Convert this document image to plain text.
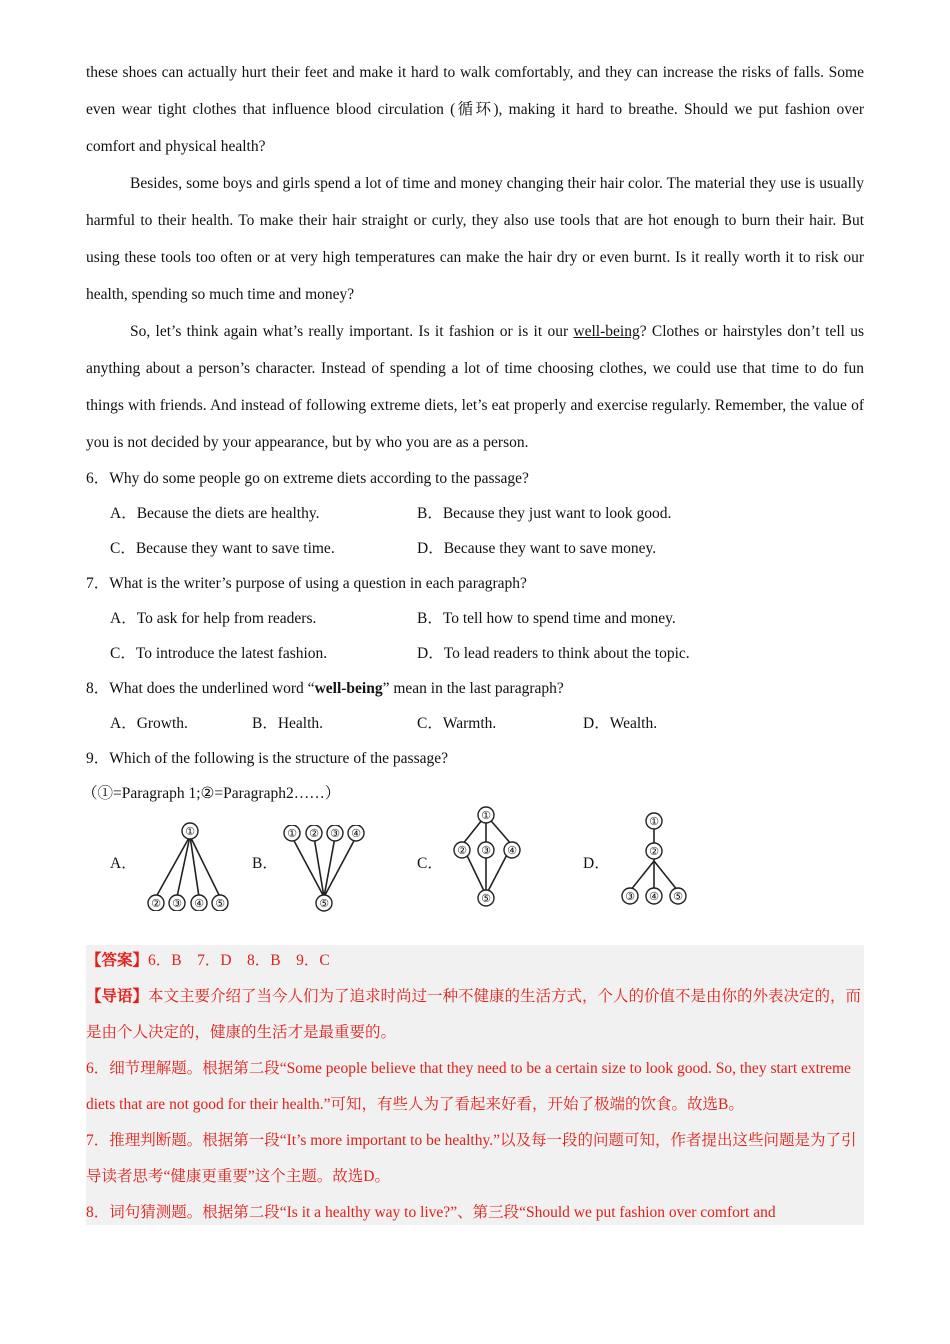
these shoes can actually hurt their feet and make it hard to walk comfortably, and they can increase the risks of falls. Some even wear tight clothes that influence blood circulation (循环), making it hard to breathe. Should we put fashion over comfort and physical health?

Besides, some boys and girls spend a lot of time and money changing their hair color. The material they use is usually harmful to their health. To make their hair straight or curly, they also use tools that are hot enough to burn their hair. But using these tools too often or at very high temperatures can make the hair dry or even burnt. Is it really worth it to risk our health, spending so much time and money?

So, let’s think again what’s really important. Is it fashion or is it our well-being? Clothes or hairstyles don’t tell us anything about a person’s character. Instead of spending a lot of time choosing clothes, we could use that time to do fun things with friends. And instead of following extreme diets, let’s eat properly and exercise regularly. Remember, the value of you is not decided by your appearance, but by who you are as a person.

6．Why do some people go on extreme diets according to the passage?

A．Because the diets are healthy.	B．Because they just want to look good.
C．Because they want to save time.	D．Because they want to save money.

7．What is the writer’s purpose of using a question in each paragraph?

A．To ask for help from readers.	B．To tell how to spend time and money.
C．To introduce the latest fashion.	D．To lead readers to think about the topic.

8．What does the underlined word “well-being” mean in the last paragraph?

A．Growth.	B．Health.	C．Warmth.	D．Wealth.

9．Which of the following is the structure of the passage?

（①=Paragraph 1;②=Paragraph2……）

A．	B．	C．	D．
①
② ③ ④ ⑤
① ② ③ ④
⑤
①
② ③ ④
⑤
①
②
③ ④ ⑤

【答案】6．B　7．D　8．B　9．C

【导语】本文主要介绍了当今人们为了追求时尚过一种不健康的生活方式，个人的价值不是由你的外表决定的，而是由个人决定的，健康的生活才是最重要的。

6．细节理解题。根据第二段“Some people believe that they need to be a certain size to look good. So, they start extreme diets that are not good for their health.”可知，有些人为了看起来好看，开始了极端的饮食。故选B。

7．推理判断题。根据第一段“It’s more important to be healthy.”以及每一段的问题可知，作者提出这些问题是为了引导读者思考“健康更重要”这个主题。故选D。

8．词句猜测题。根据第二段“Is it a healthy way to live?”、第三段“Should we put fashion over comfort and
